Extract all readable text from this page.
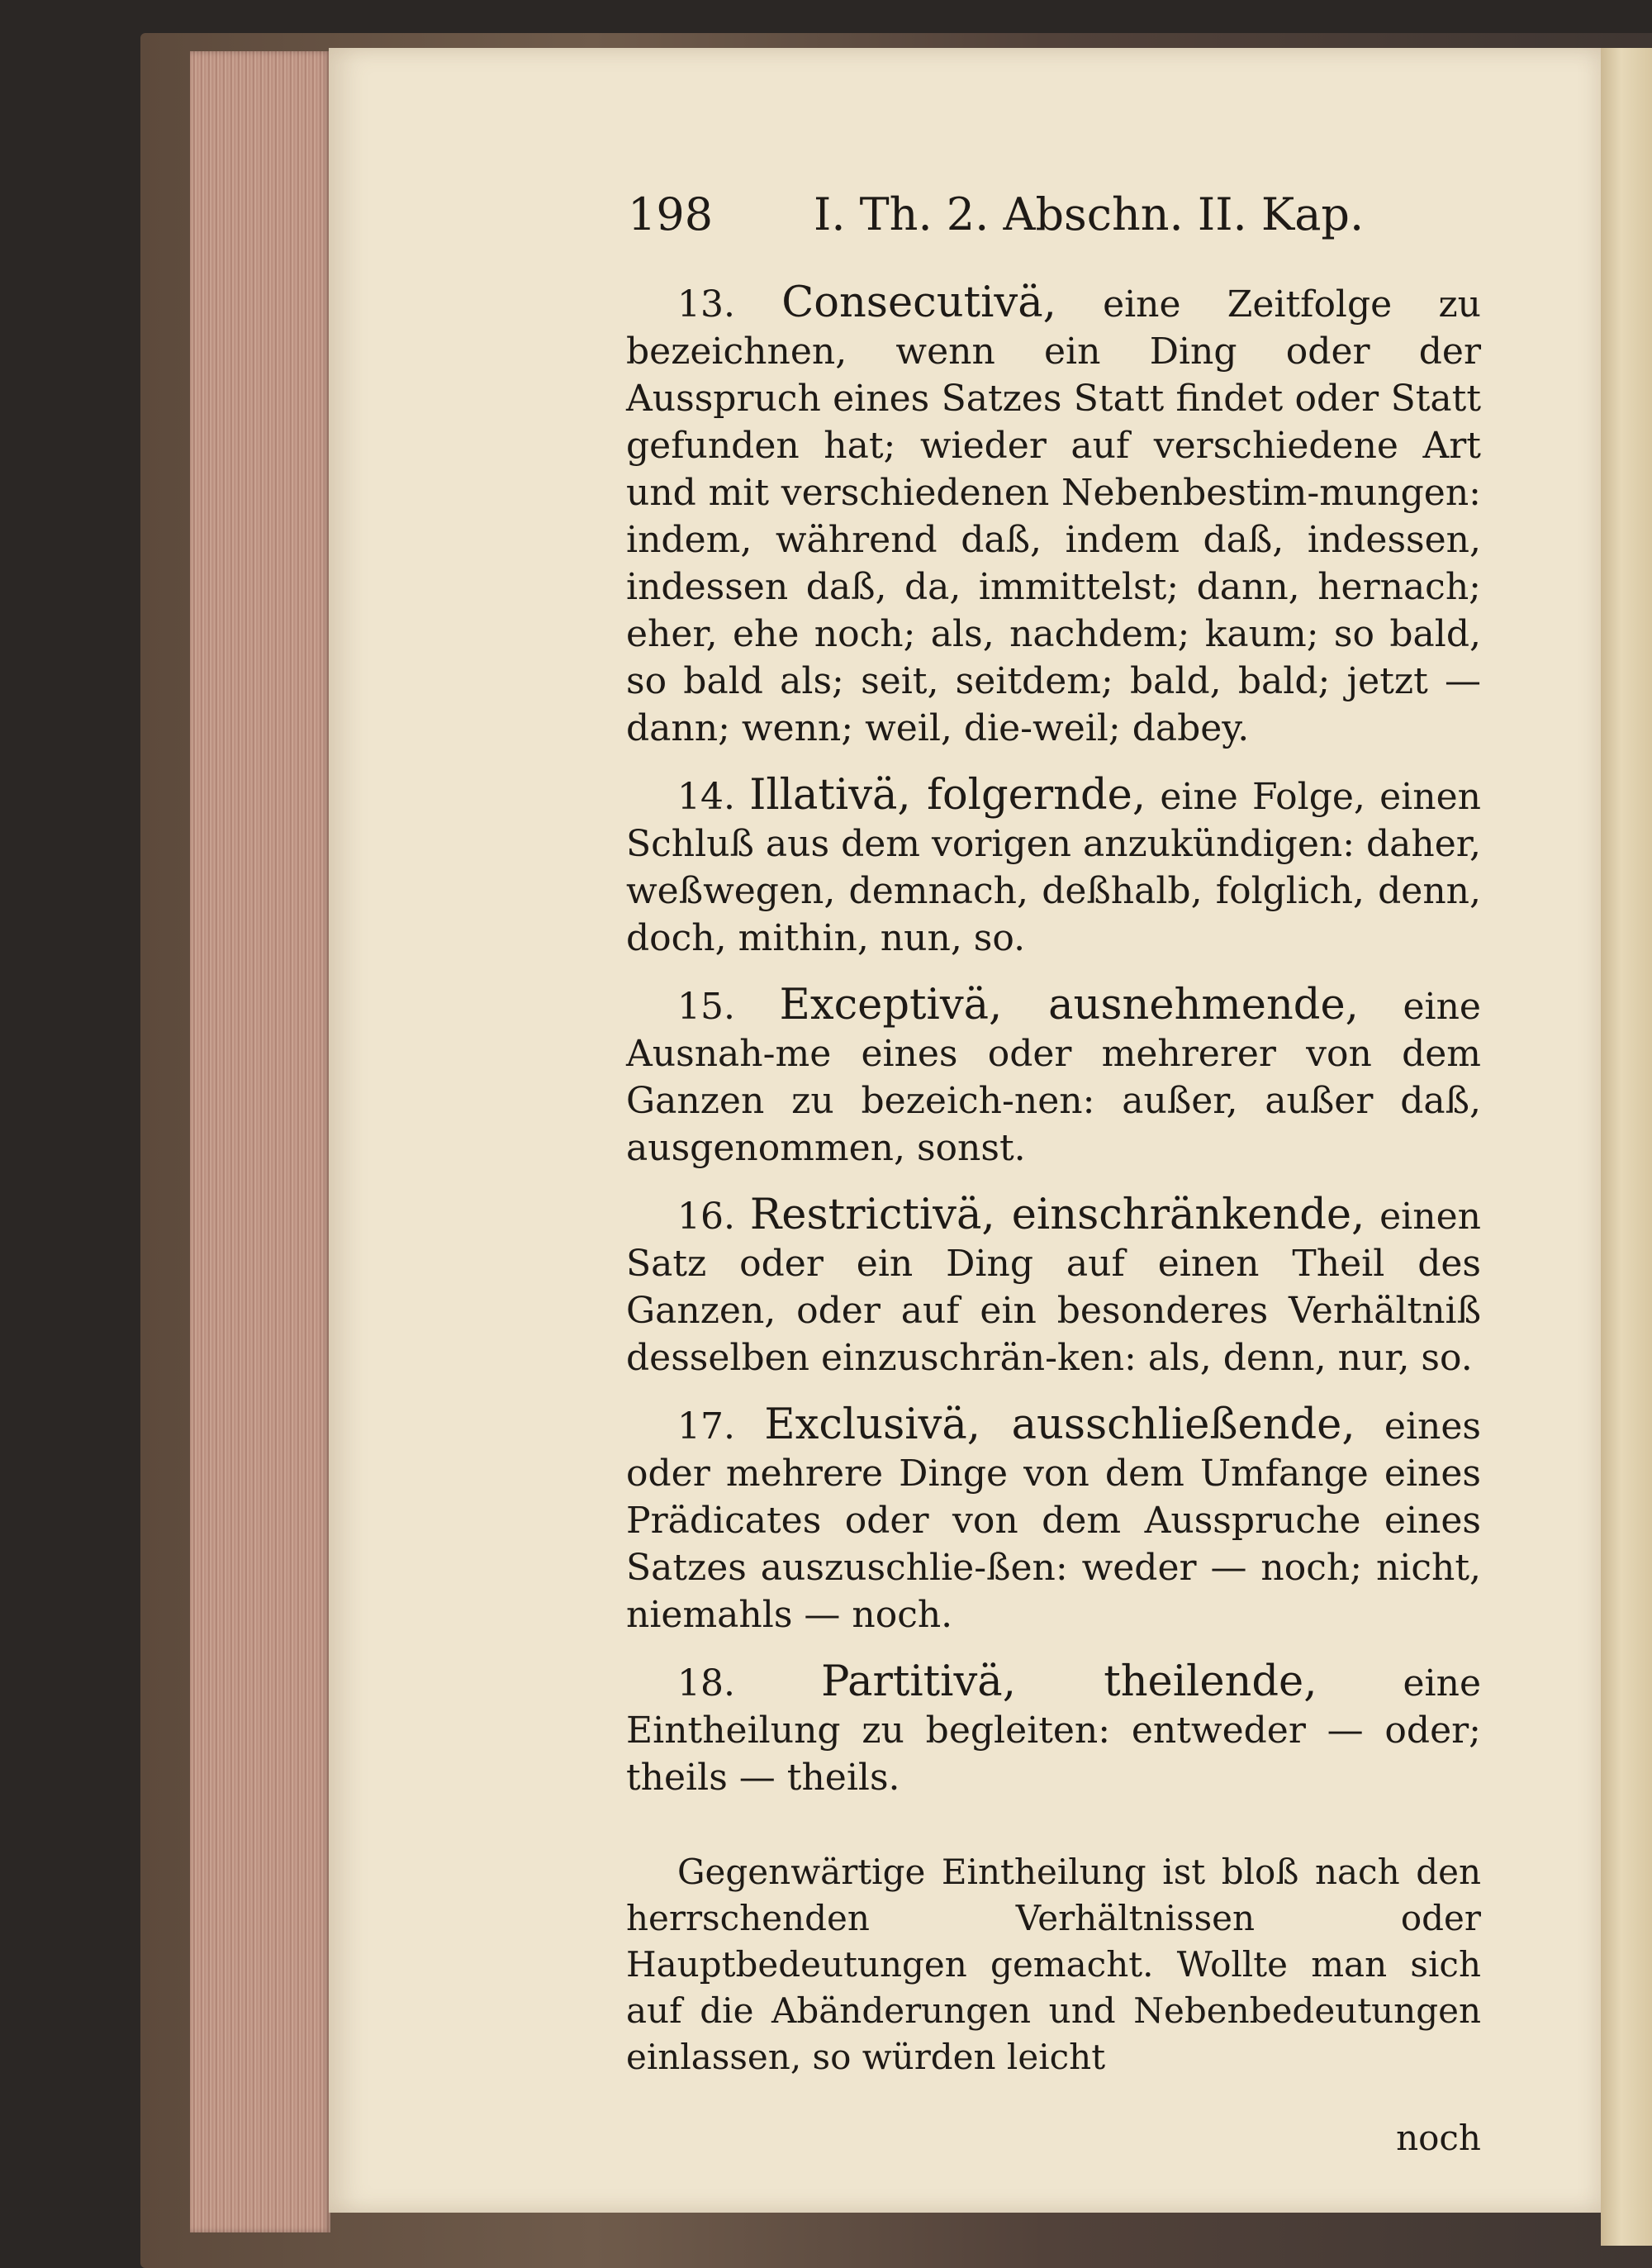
198 I. Th. 2. Abschn. II. Kap.

13. Consecutivä, eine Zeitfolge zu bezeichnen, wenn ein Ding oder der Ausspruch eines Satzes Statt findet oder Statt gefunden hat; wieder auf verschiedene Art und mit verschiedenen Nebenbestim-mungen: indem, während daß, indem daß, indessen, indessen daß, da, immittelst; dann, hernach; eher, ehe noch; als, nachdem; kaum; so bald, so bald als; seit, seitdem; bald, bald; jetzt — dann; wenn; weil, die-weil; dabey.

14. Illativä, folgernde, eine Folge, einen Schluß aus dem vorigen anzukündigen: daher, weßwegen, demnach, deßhalb, folglich, denn, doch, mithin, nun, so.

15. Exceptivä, ausnehmende, eine Ausnah-me eines oder mehrerer von dem Ganzen zu bezeich-nen: außer, außer daß, ausgenommen, sonst.

16. Restrictivä, einschränkende, einen Satz oder ein Ding auf einen Theil des Ganzen, oder auf ein besonderes Verhältniß desselben einzuschrän-ken: als, denn, nur, so.

17. Exclusivä, ausschließende, eines oder mehrere Dinge von dem Umfange eines Prädicates oder von dem Ausspruche eines Satzes auszuschlie-ßen: weder — noch; nicht, niemahls — noch.

18. Partitivä, theilende, eine Eintheilung zu begleiten: entweder — oder; theils — theils.

Gegenwärtige Eintheilung ist bloß nach den herrschenden Verhältnissen oder Hauptbedeutungen gemacht. Wollte man sich auf die Abänderungen und Nebenbedeutungen einlassen, so würden leicht

noch
